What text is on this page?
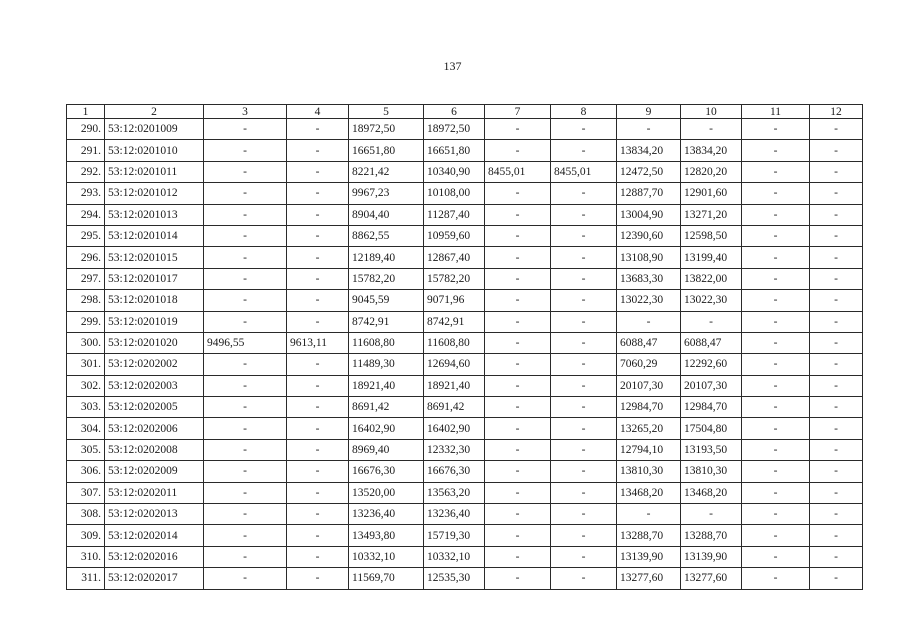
137
1	2	3	4	5	6	7	8	9	10	11	12
290.	53:12:0201009	-	-	18972,50	18972,50	-	-	-	-	-	-
291.	53:12:0201010	-	-	16651,80	16651,80	-	-	13834,20	13834,20	-	-
292.	53:12:0201011	-	-	8221,42	10340,90	8455,01	8455,01	12472,50	12820,20	-	-
293.	53:12:0201012	-	-	9967,23	10108,00	-	-	12887,70	12901,60	-	-
294.	53:12:0201013	-	-	8904,40	11287,40	-	-	13004,90	13271,20	-	-
295.	53:12:0201014	-	-	8862,55	10959,60	-	-	12390,60	12598,50	-	-
296.	53:12:0201015	-	-	12189,40	12867,40	-	-	13108,90	13199,40	-	-
297.	53:12:0201017	-	-	15782,20	15782,20	-	-	13683,30	13822,00	-	-
298.	53:12:0201018	-	-	9045,59	9071,96	-	-	13022,30	13022,30	-	-
299.	53:12:0201019	-	-	8742,91	8742,91	-	-	-	-	-	-
300.	53:12:0201020	9496,55	9613,11	11608,80	11608,80	-	-	6088,47	6088,47	-	-
301.	53:12:0202002	-	-	11489,30	12694,60	-	-	7060,29	12292,60	-	-
302.	53:12:0202003	-	-	18921,40	18921,40	-	-	20107,30	20107,30	-	-
303.	53:12:0202005	-	-	8691,42	8691,42	-	-	12984,70	12984,70	-	-
304.	53:12:0202006	-	-	16402,90	16402,90	-	-	13265,20	17504,80	-	-
305.	53:12:0202008	-	-	8969,40	12332,30	-	-	12794,10	13193,50	-	-
306.	53:12:0202009	-	-	16676,30	16676,30	-	-	13810,30	13810,30	-	-
307.	53:12:0202011	-	-	13520,00	13563,20	-	-	13468,20	13468,20	-	-
308.	53:12:0202013	-	-	13236,40	13236,40	-	-	-	-	-	-
309.	53:12:0202014	-	-	13493,80	15719,30	-	-	13288,70	13288,70	-	-
310.	53:12:0202016	-	-	10332,10	10332,10	-	-	13139,90	13139,90	-	-
311.	53:12:0202017	-	-	11569,70	12535,30	-	-	13277,60	13277,60	-	-
